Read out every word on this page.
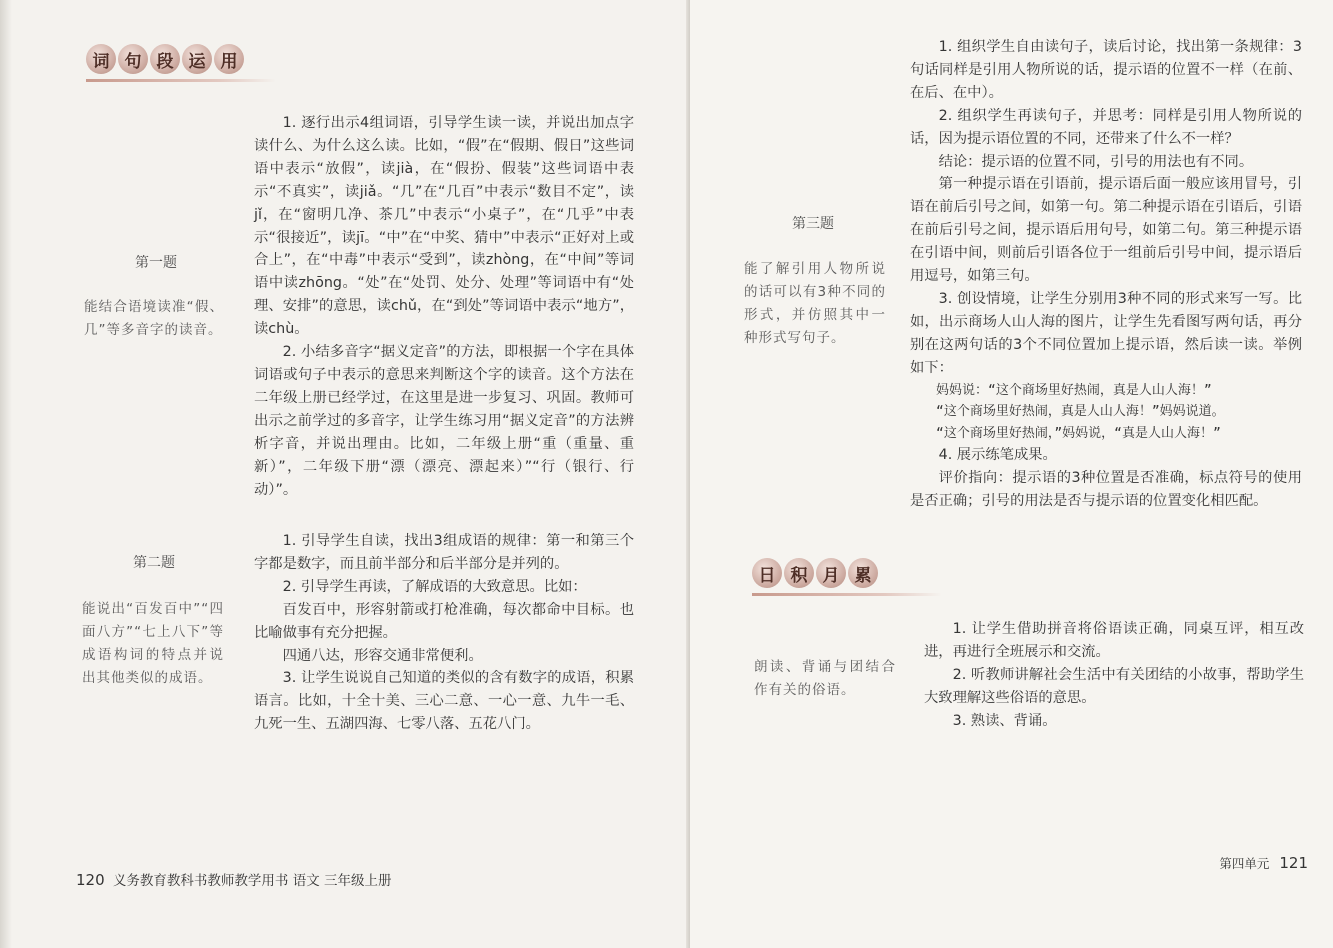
词 句 段 运 用
第一题
能结合语境读准“假、几”等多音字的读音。

1. 逐行出示4组词语，引导学生读一读，并说出加点字读什么、为什么这么读。比如，“假”在“假期、假日”这些词语中表示“放假”，读jià，在“假扮、假装”这些词语中表示“不真实”，读jiǎ。“几”在“几百”中表示“数目不定”，读jǐ，在“窗明几净、茶几”中表示“小桌子”，在“几乎”中表示“很接近”，读jī。“中”在“中奖、猜中”中表示“正好对上或合上”，在“中毒”中表示“受到”，读zhòng，在“中间”等词语中读zhōng。“处”在“处罚、处分、处理”等词语中有“处理、安排”的意思，读chǔ，在“到处”等词语中表示“地方”，读chù。

2. 小结多音字“据义定音”的方法，即根据一个字在具体词语或句子中表示的意思来判断这个字的读音。这个方法在二年级上册已经学过，在这里是进一步复习、巩固。教师可出示之前学过的多音字，让学生练习用“据义定音”的方法辨析字音，并说出理由。比如，二年级上册“重（重量、重新）”，二年级下册“漂（漂亮、漂起来）”“行（银行、行动）”。

第二题
能说出“百发百中”“四面八方”“七上八下”等成语构词的特点并说出其他类似的成语。

1. 引导学生自读，找出3组成语的规律：第一和第三个字都是数字，而且前半部分和后半部分是并列的。

2. 引导学生再读，了解成语的大致意思。比如：

百发百中，形容射箭或打枪准确，每次都命中目标。也比喻做事有充分把握。

四通八达，形容交通非常便利。

3. 让学生说说自己知道的类似的含有数字的成语，积累语言。比如，十全十美、三心二意、一心一意、九牛一毛、九死一生、五湖四海、七零八落、五花八门。

120 义务教育教科书教师教学用书 语文 三年级上册
第三题
能了解引用人物所说的话可以有3种不同的形式，并仿照其中一种形式写句子。

1. 组织学生自由读句子，读后讨论，找出第一条规律：3句话同样是引用人物所说的话，提示语的位置不一样（在前、在后、在中）。

2. 组织学生再读句子，并思考：同样是引用人物所说的话，因为提示语位置的不同，还带来了什么不一样？

结论：提示语的位置不同，引号的用法也有不同。

第一种提示语在引语前，提示语后面一般应该用冒号，引语在前后引号之间，如第一句。第二种提示语在引语后，引语在前后引号之间，提示语后用句号，如第二句。第三种提示语在引语中间，则前后引语各位于一组前后引号中间，提示语后用逗号，如第三句。

3. 创设情境，让学生分别用3种不同的形式来写一写。比如，出示商场人山人海的图片，让学生先看图写两句话，再分别在这两句话的3个不同位置加上提示语，然后读一读。举例如下：

妈妈说：“这个商场里好热闹，真是人山人海！”

“这个商场里好热闹，真是人山人海！”妈妈说道。

“这个商场里好热闹，”妈妈说，“真是人山人海！”

4. 展示练笔成果。

评价指向：提示语的3种位置是否准确，标点符号的使用是否正确；引号的用法是否与提示语的位置变化相匹配。

日 积 月 累
朗读、背诵与团结合作有关的俗语。

1. 让学生借助拼音将俗语读正确，同桌互评，相互改进，再进行全班展示和交流。

2. 听教师讲解社会生活中有关团结的小故事，帮助学生大致理解这些俗语的意思。

3. 熟读、背诵。

第四单元 121
